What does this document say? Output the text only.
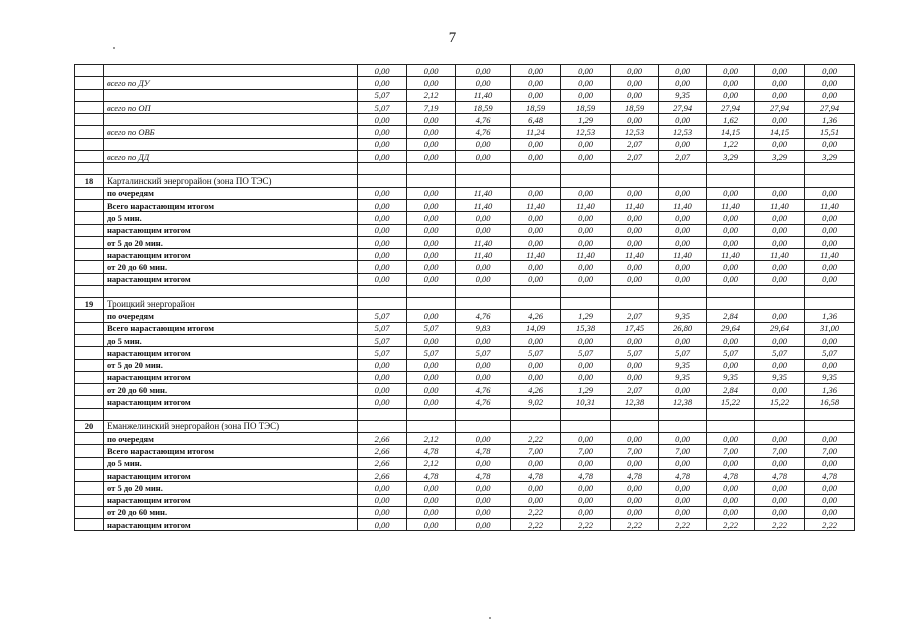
7
		0,00	0,00	0,00	0,00	0,00	0,00	0,00	0,00	0,00	0,00
	всего по ДУ	0,00	0,00	0,00	0,00	0,00	0,00	0,00	0,00	0,00	0,00
		5,07	2,12	11,40	0,00	0,00	0,00	9,35	0,00	0,00	0,00
	всего по ОП	5,07	7,19	18,59	18,59	18,59	18,59	27,94	27,94	27,94	27,94
		0,00	0,00	4,76	6,48	1,29	0,00	0,00	1,62	0,00	1,36
	всего по ОВБ	0,00	0,00	4,76	11,24	12,53	12,53	12,53	14,15	14,15	15,51
		0,00	0,00	0,00	0,00	0,00	2,07	0,00	1,22	0,00	0,00
	всего по ДД	0,00	0,00	0,00	0,00	0,00	2,07	2,07	3,29	3,29	3,29

18	Карталинский энергорайон (зона ПО ТЭС)										
	по очередям	0,00	0,00	11,40	0,00	0,00	0,00	0,00	0,00	0,00	0,00
	Всего нарастающим итогом	0,00	0,00	11,40	11,40	11,40	11,40	11,40	11,40	11,40	11,40
	до 5 мин.	0,00	0,00	0,00	0,00	0,00	0,00	0,00	0,00	0,00	0,00
	нарастающим итогом	0,00	0,00	0,00	0,00	0,00	0,00	0,00	0,00	0,00	0,00
	от 5 до 20 мин.	0,00	0,00	11,40	0,00	0,00	0,00	0,00	0,00	0,00	0,00
	нарастающим итогом	0,00	0,00	11,40	11,40	11,40	11,40	11,40	11,40	11,40	11,40
	от 20 до 60 мин.	0,00	0,00	0,00	0,00	0,00	0,00	0,00	0,00	0,00	0,00
	нарастающим итогом	0,00	0,00	0,00	0,00	0,00	0,00	0,00	0,00	0,00	0,00

19	Троицкий энергорайон										
	по очередям	5,07	0,00	4,76	4,26	1,29	2,07	9,35	2,84	0,00	1,36
	Всего нарастающим итогом	5,07	5,07	9,83	14,09	15,38	17,45	26,80	29,64	29,64	31,00
	до 5 мин.	5,07	0,00	0,00	0,00	0,00	0,00	0,00	0,00	0,00	0,00
	нарастающим итогом	5,07	5,07	5,07	5,07	5,07	5,07	5,07	5,07	5,07	5,07
	от 5 до 20 мин.	0,00	0,00	0,00	0,00	0,00	0,00	9,35	0,00	0,00	0,00
	нарастающим итогом	0,00	0,00	0,00	0,00	0,00	0,00	9,35	9,35	9,35	9,35
	от 20 до 60 мин.	0,00	0,00	4,76	4,26	1,29	2,07	0,00	2,84	0,00	1,36
	нарастающим итогом	0,00	0,00	4,76	9,02	10,31	12,38	12,38	15,22	15,22	16,58

20	Еманжелинский энергорайон (зона ПО ТЭС)										
	по очередям	2,66	2,12	0,00	2,22	0,00	0,00	0,00	0,00	0,00	0,00
	Всего нарастающим итогом	2,66	4,78	4,78	7,00	7,00	7,00	7,00	7,00	7,00	7,00
	до 5 мин.	2,66	2,12	0,00	0,00	0,00	0,00	0,00	0,00	0,00	0,00
	нарастающим итогом	2,66	4,78	4,78	4,78	4,78	4,78	4,78	4,78	4,78	4,78
	от 5 до 20 мин.	0,00	0,00	0,00	0,00	0,00	0,00	0,00	0,00	0,00	0,00
	нарастающим итогом	0,00	0,00	0,00	0,00	0,00	0,00	0,00	0,00	0,00	0,00
	от 20 до 60 мин.	0,00	0,00	0,00	2,22	0,00	0,00	0,00	0,00	0,00	0,00
	нарастающим итогом	0,00	0,00	0,00	2,22	2,22	2,22	2,22	2,22	2,22	2,22
